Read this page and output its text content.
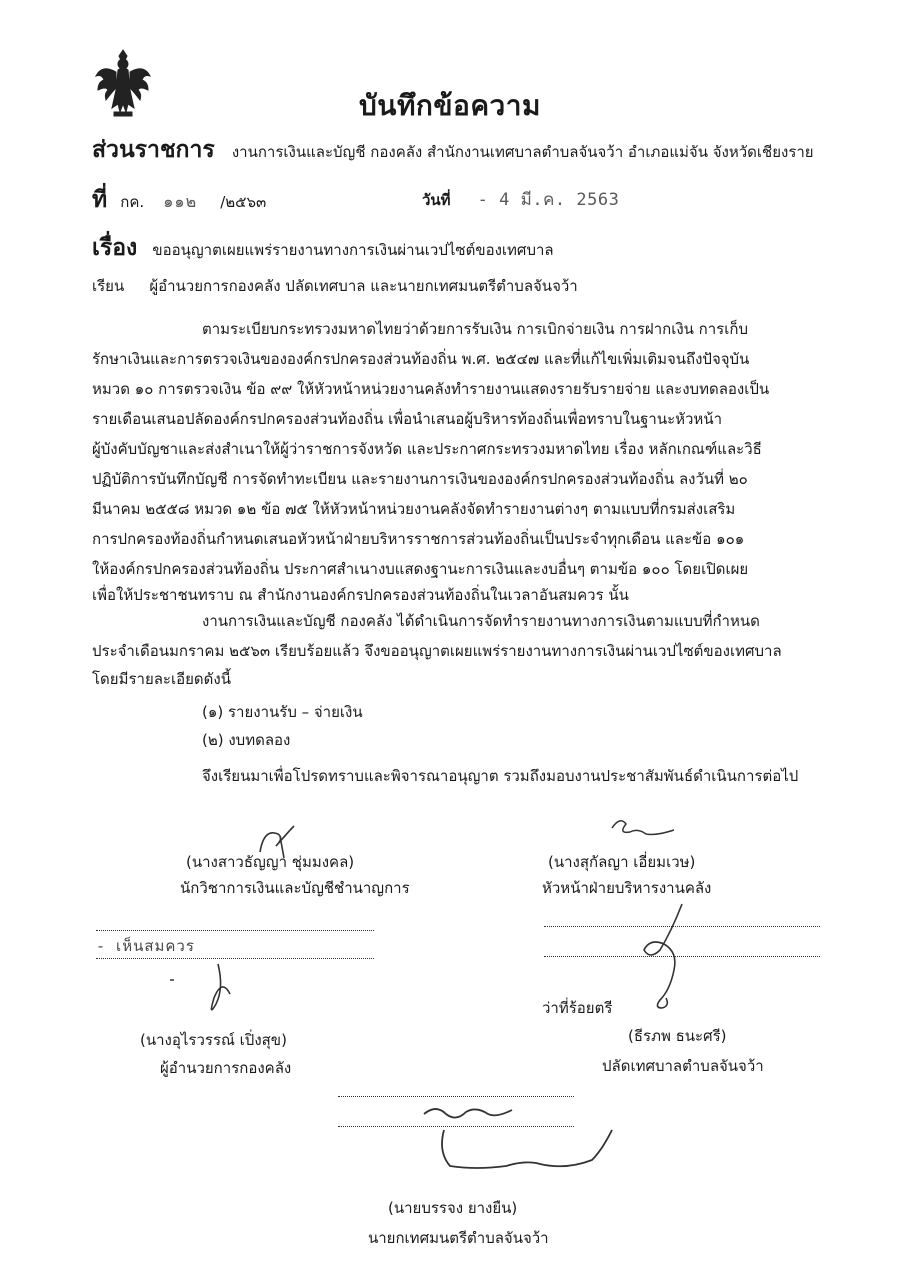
บันทึกข้อความ
ส่วนราชการ งานการเงินและบัญชี กองคลัง สำนักงานเทศบาลตำบลจันจว้า อำเภอแม่จัน จังหวัดเชียงราย
ที่ กค. ๑๑๒ /๒๕๖๓	วันที่ - 4 มี.ค. 2563
เรื่อง ขออนุญาตเผยแพร่รายงานทางการเงินผ่านเวปไซต์ของเทศบาล
เรียน ผู้อำนวยการกองคลัง ปลัดเทศบาล และนายกเทศมนตรีตำบลจันจว้า
ตามระเบียบกระทรวงมหาดไทยว่าด้วยการรับเงิน การเบิกจ่ายเงิน การฝากเงิน การเก็บ
รักษาเงินและการตรวจเงินขององค์กรปกครองส่วนท้องถิ่น พ.ศ. ๒๕๔๗ และที่แก้ไขเพิ่มเติมจนถึงปัจจุบัน
หมวด ๑๐ การตรวจเงิน ข้อ ๙๙ ให้หัวหน้าหน่วยงานคลังทำรายงานแสดงรายรับรายจ่าย และงบทดลองเป็น
รายเดือนเสนอปลัดองค์กรปกครองส่วนท้องถิ่น เพื่อนำเสนอผู้บริหารท้องถิ่นเพื่อทราบในฐานะหัวหน้า
ผู้บังคับบัญชาและส่งสำเนาให้ผู้ว่าราชการจังหวัด และประกาศกระทรวงมหาดไทย เรื่อง หลักเกณฑ์และวิธี
ปฏิบัติการบันทึกบัญชี การจัดทำทะเบียน และรายงานการเงินขององค์กรปกครองส่วนท้องถิ่น ลงวันที่ ๒๐
มีนาคม ๒๕๕๘ หมวด ๑๒ ข้อ ๗๕ ให้หัวหน้าหน่วยงานคลังจัดทำรายงานต่างๆ ตามแบบที่กรมส่งเสริม
การปกครองท้องถิ่นกำหนดเสนอหัวหน้าฝ่ายบริหารราชการส่วนท้องถิ่นเป็นประจำทุกเดือน และข้อ ๑๐๑
ให้องค์กรปกครองส่วนท้องถิ่น ประกาศสำเนางบแสดงฐานะการเงินและงบอื่นๆ ตามข้อ ๑๐๐ โดยเปิดเผย
เพื่อให้ประชาชนทราบ ณ สำนักงานองค์กรปกครองส่วนท้องถิ่นในเวลาอันสมควร นั้น
งานการเงินและบัญชี กองคลัง ได้ดำเนินการจัดทำรายงานทางการเงินตามแบบที่กำหนด
ประจำเดือนมกราคม ๒๕๖๓ เรียบร้อยแล้ว จึงขออนุญาตเผยแพร่รายงานทางการเงินผ่านเวปไซต์ของเทศบาล
โดยมีรายละเอียดดังนี้
(๑) รายงานรับ – จ่ายเงิน
(๒) งบทดลอง
จึงเรียนมาเพื่อโปรดทราบและพิจารณาอนุญาต รวมถึงมอบงานประชาสัมพันธ์ดำเนินการต่อไป
(นางสาวธัญญา ชุ่มมงคล)
นักวิชาการเงินและบัญชีชำนาญการ
(นางสุกัลญา เอี่ยมเวษ)
หัวหน้าฝ่ายบริหารงานคลัง
- เห็นสมควร
(นางอุไรวรรณ์ เปิ่งสุข)
ผู้อำนวยการกองคลัง
ว่าที่ร้อยตรี
(ธีรภพ ธนะศรี)
ปลัดเทศบาลตำบลจันจว้า
(นายบรรจง ยางยืน)
นายกเทศมนตรีตำบลจันจว้า
